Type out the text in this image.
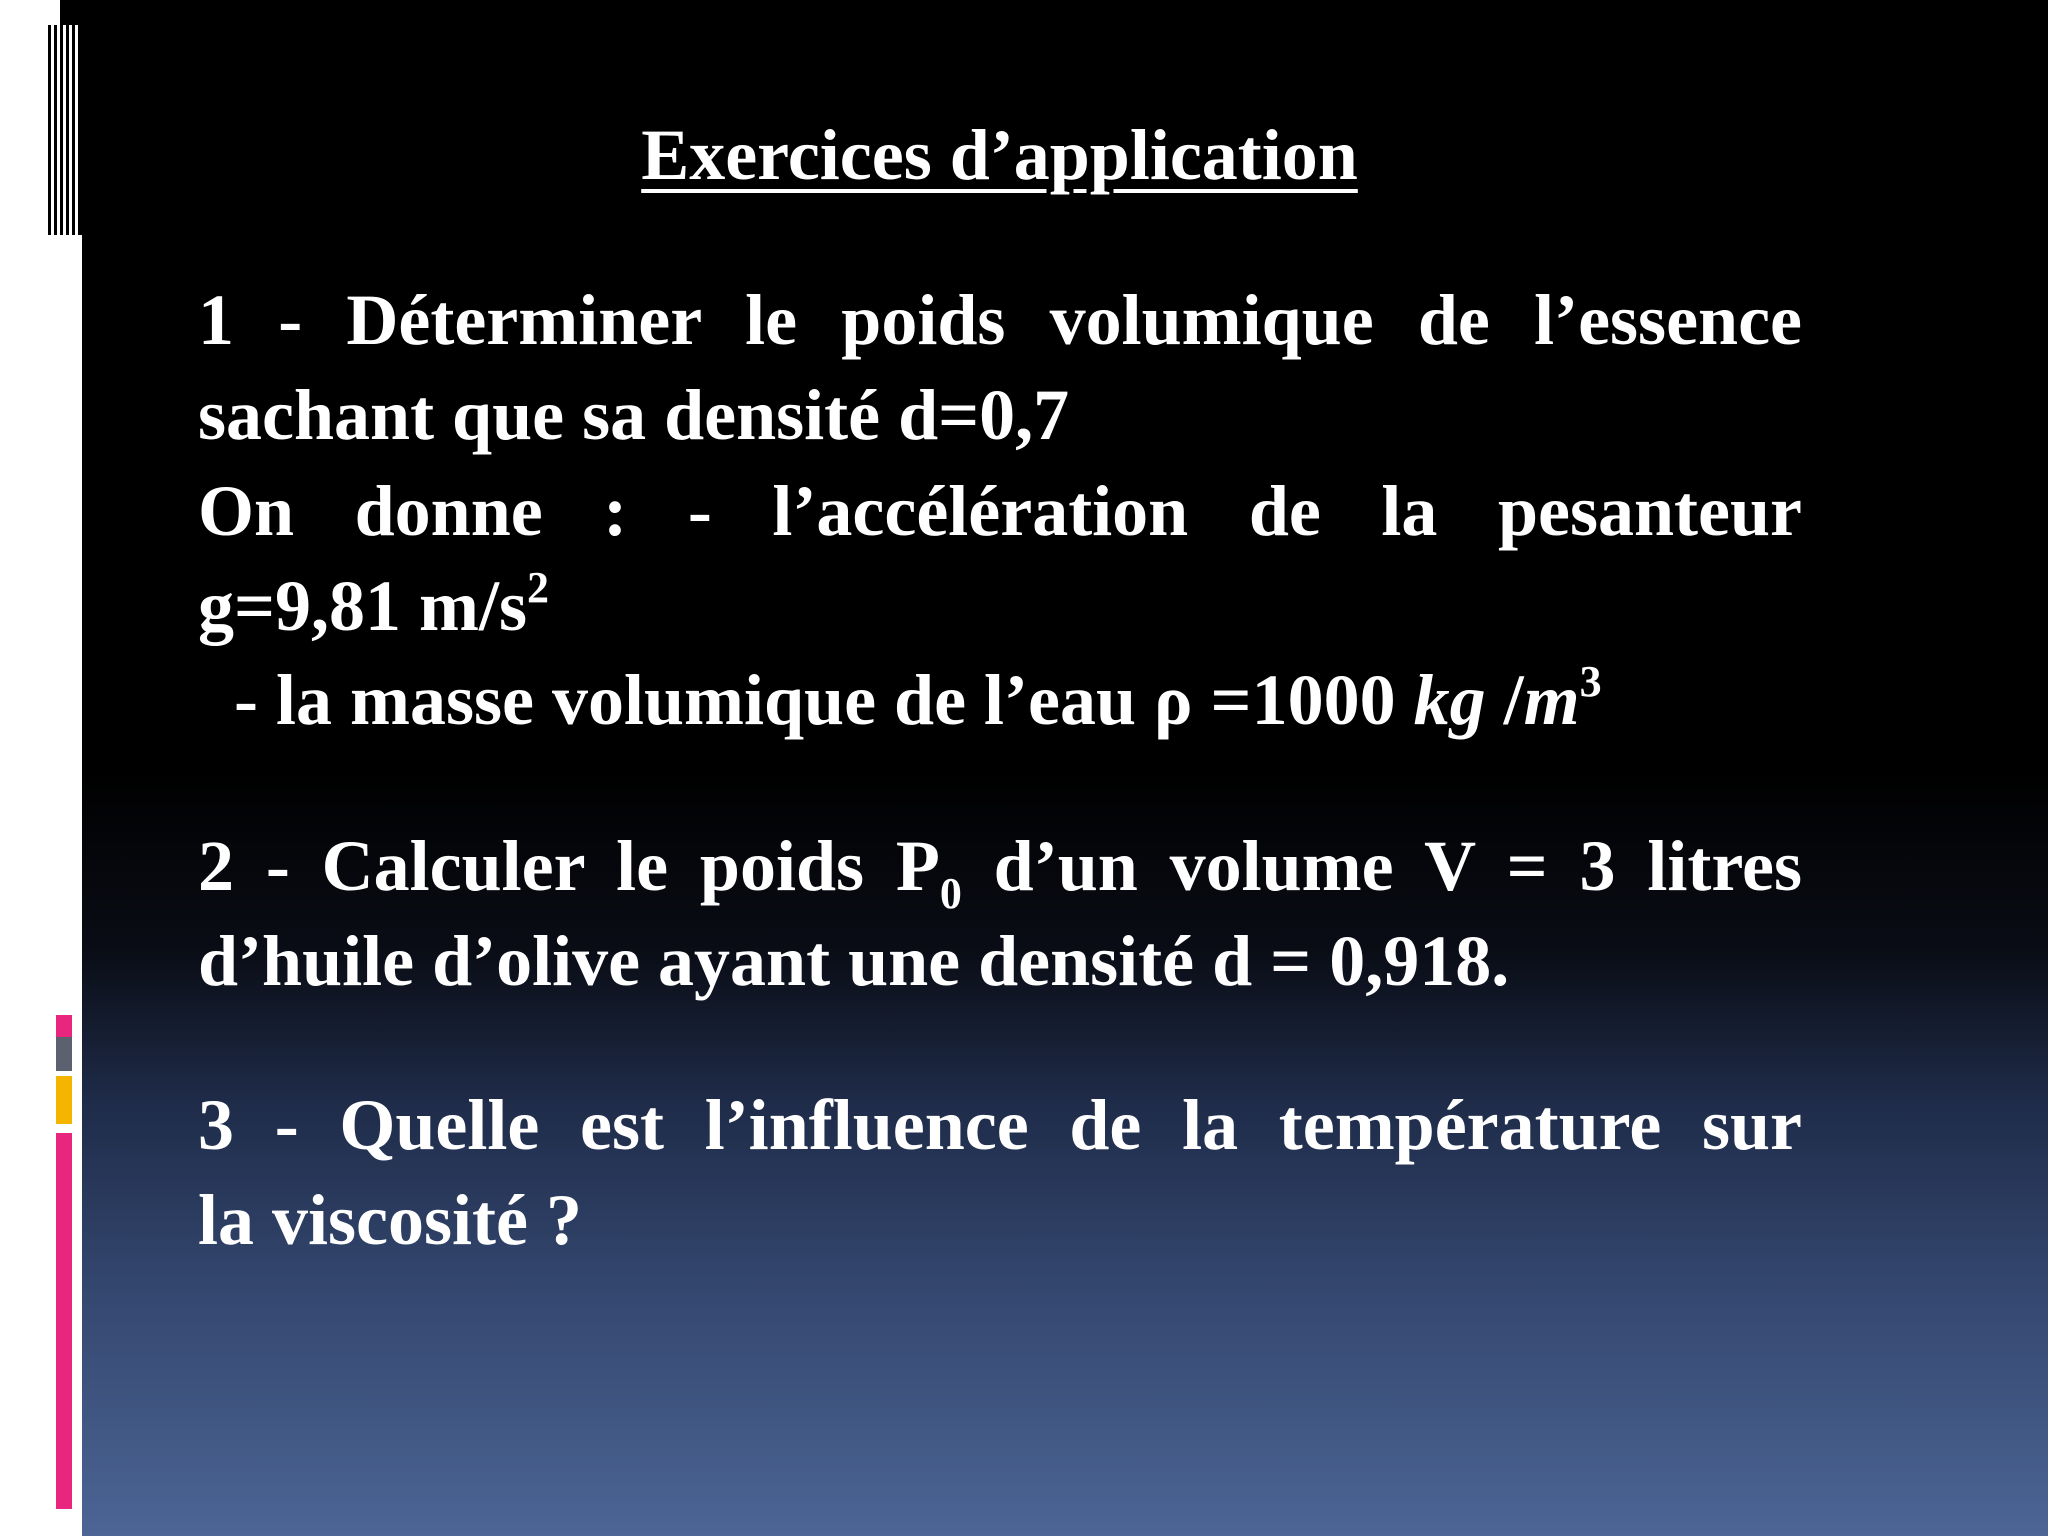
Exercices d’application
1 - Déterminer le poids volumique de l’essence
sachant que sa densité d=0,7
On donne : - l’accélération de la pesanteur
g=9,81 $m/s^2$
- la masse volumique de l’eau ρ =1000 kg $/m^3$
2 - Calculer le poids $P_0$ d’un volume V = 3 litres
d’huile d’olive ayant une densité d = 0,918.
3 - Quelle est l’influence de la température sur
la viscosité ?
